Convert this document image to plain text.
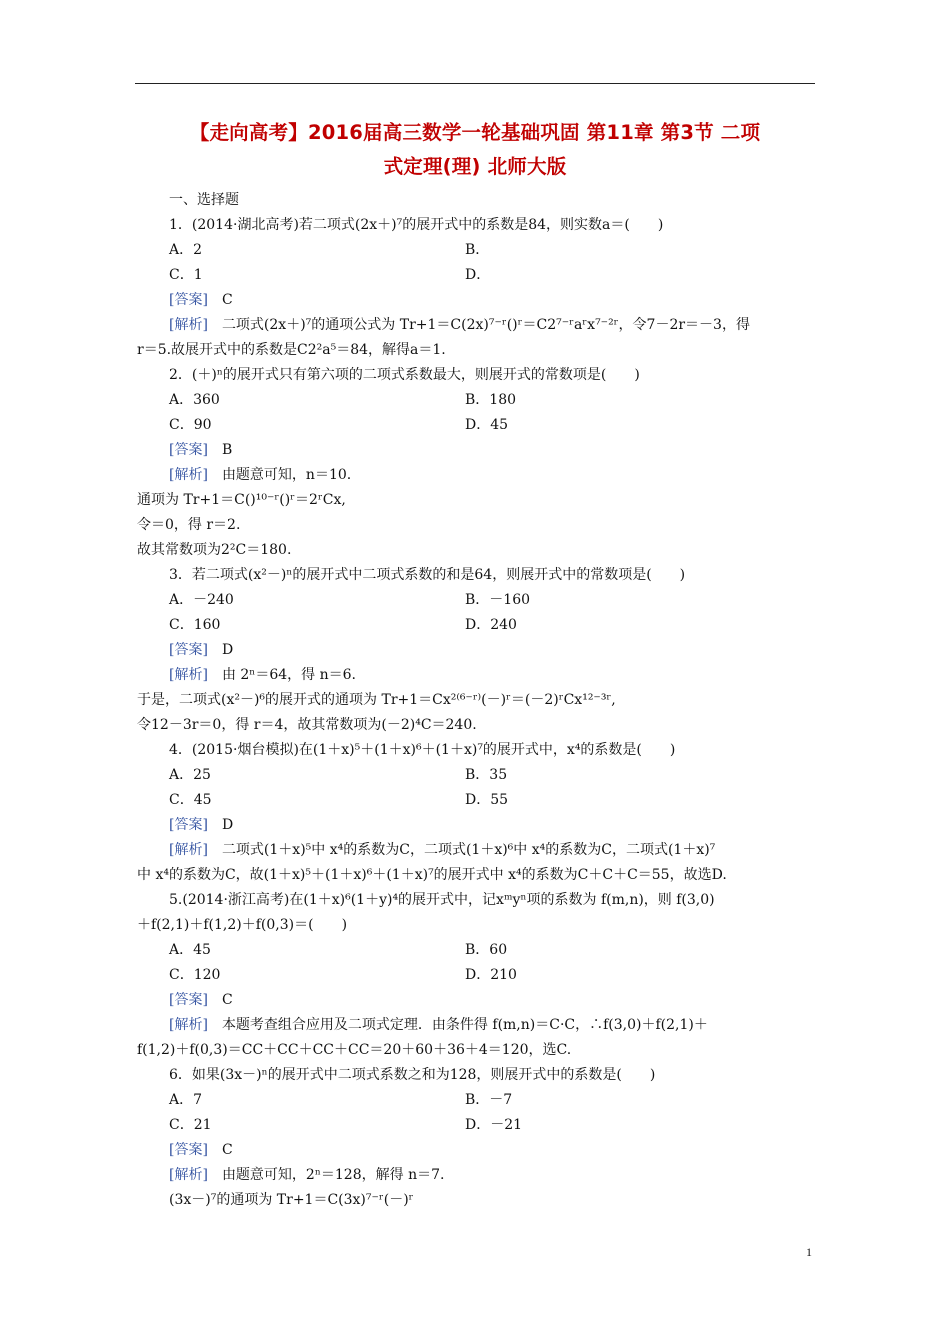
【走向高考】2016届高三数学一轮基础巩固 第11章 第3节 二项
式定理(理) 北师大版
一、选择题
1．(2014·湖北高考)若二项式(2x＋)⁷的展开式中的系数是84，则实数a＝(　　)
A．2	B．
C．1	D．
[答案]　 C
[解析]　 二项式(2x＋)⁷的通项公式为 Tr+1＝C(2x)⁷⁻ʳ()ʳ＝C2⁷⁻ʳaʳx⁷⁻²ʳ，令7－2r＝－3，得
r＝5.故展开式中的系数是C2²a⁵＝84，解得a＝1.
2．(＋)ⁿ的展开式只有第六项的二项式系数最大，则展开式的常数项是(　　)
A．360	B．180
C．90	D．45
[答案]　 B
[解析]　 由题意可知，n＝10.
通项为 Tr+1＝C()¹⁰⁻ʳ()ʳ＝2ʳCx,
令＝0，得 r＝2.
故其常数项为2²C＝180.
3．若二项式(x²－)ⁿ的展开式中二项式系数的和是64，则展开式中的常数项是(　　)
A．－240	B．－160
C．160	D．240
[答案]　 D
[解析]　 由 2ⁿ＝64，得 n＝6.
于是，二项式(x²－)⁶的展开式的通项为 Tr+1＝Cx²⁽⁶⁻ʳ⁾(－)ʳ＝(－2)ʳCx¹²⁻³ʳ,
令12－3r＝0，得 r＝4，故其常数项为(－2)⁴C＝240.
4．(2015·烟台模拟)在(1＋x)⁵＋(1＋x)⁶＋(1＋x)⁷的展开式中，x⁴的系数是(　　)
A．25	B．35
C．45	D．55
[答案]　 D
[解析]　 二项式(1＋x)⁵中 x⁴的系数为C，二项式(1＋x)⁶中 x⁴的系数为C，二项式(1＋x)⁷
中 x⁴的系数为C，故(1＋x)⁵＋(1＋x)⁶＋(1＋x)⁷的展开式中 x⁴的系数为C＋C＋C＝55，故选D.
5.(2014·浙江高考)在(1＋x)⁶(1＋y)⁴的展开式中，记xᵐyⁿ项的系数为 f(m,n)，则 f(3,0)
＋f(2,1)＋f(1,2)＋f(0,3)＝(　　)
A．45	B．60
C．120	D．210
[答案]　 C
[解析]　 本题考查组合应用及二项式定理．由条件得 f(m,n)＝C·C，∴f(3,0)＋f(2,1)＋
f(1,2)＋f(0,3)＝CC＋CC＋CC＋CC＝20＋60＋36＋4＝120，选C.
6．如果(3x－)ⁿ的展开式中二项式系数之和为128，则展开式中的系数是(　　)
A．7	B．－7
C．21	D．－21
[答案]　 C
[解析]　 由题意可知，2ⁿ＝128，解得 n＝7.
(3x－)⁷的通项为 Tr+1＝C(3x)⁷⁻ʳ(－)ʳ
1
